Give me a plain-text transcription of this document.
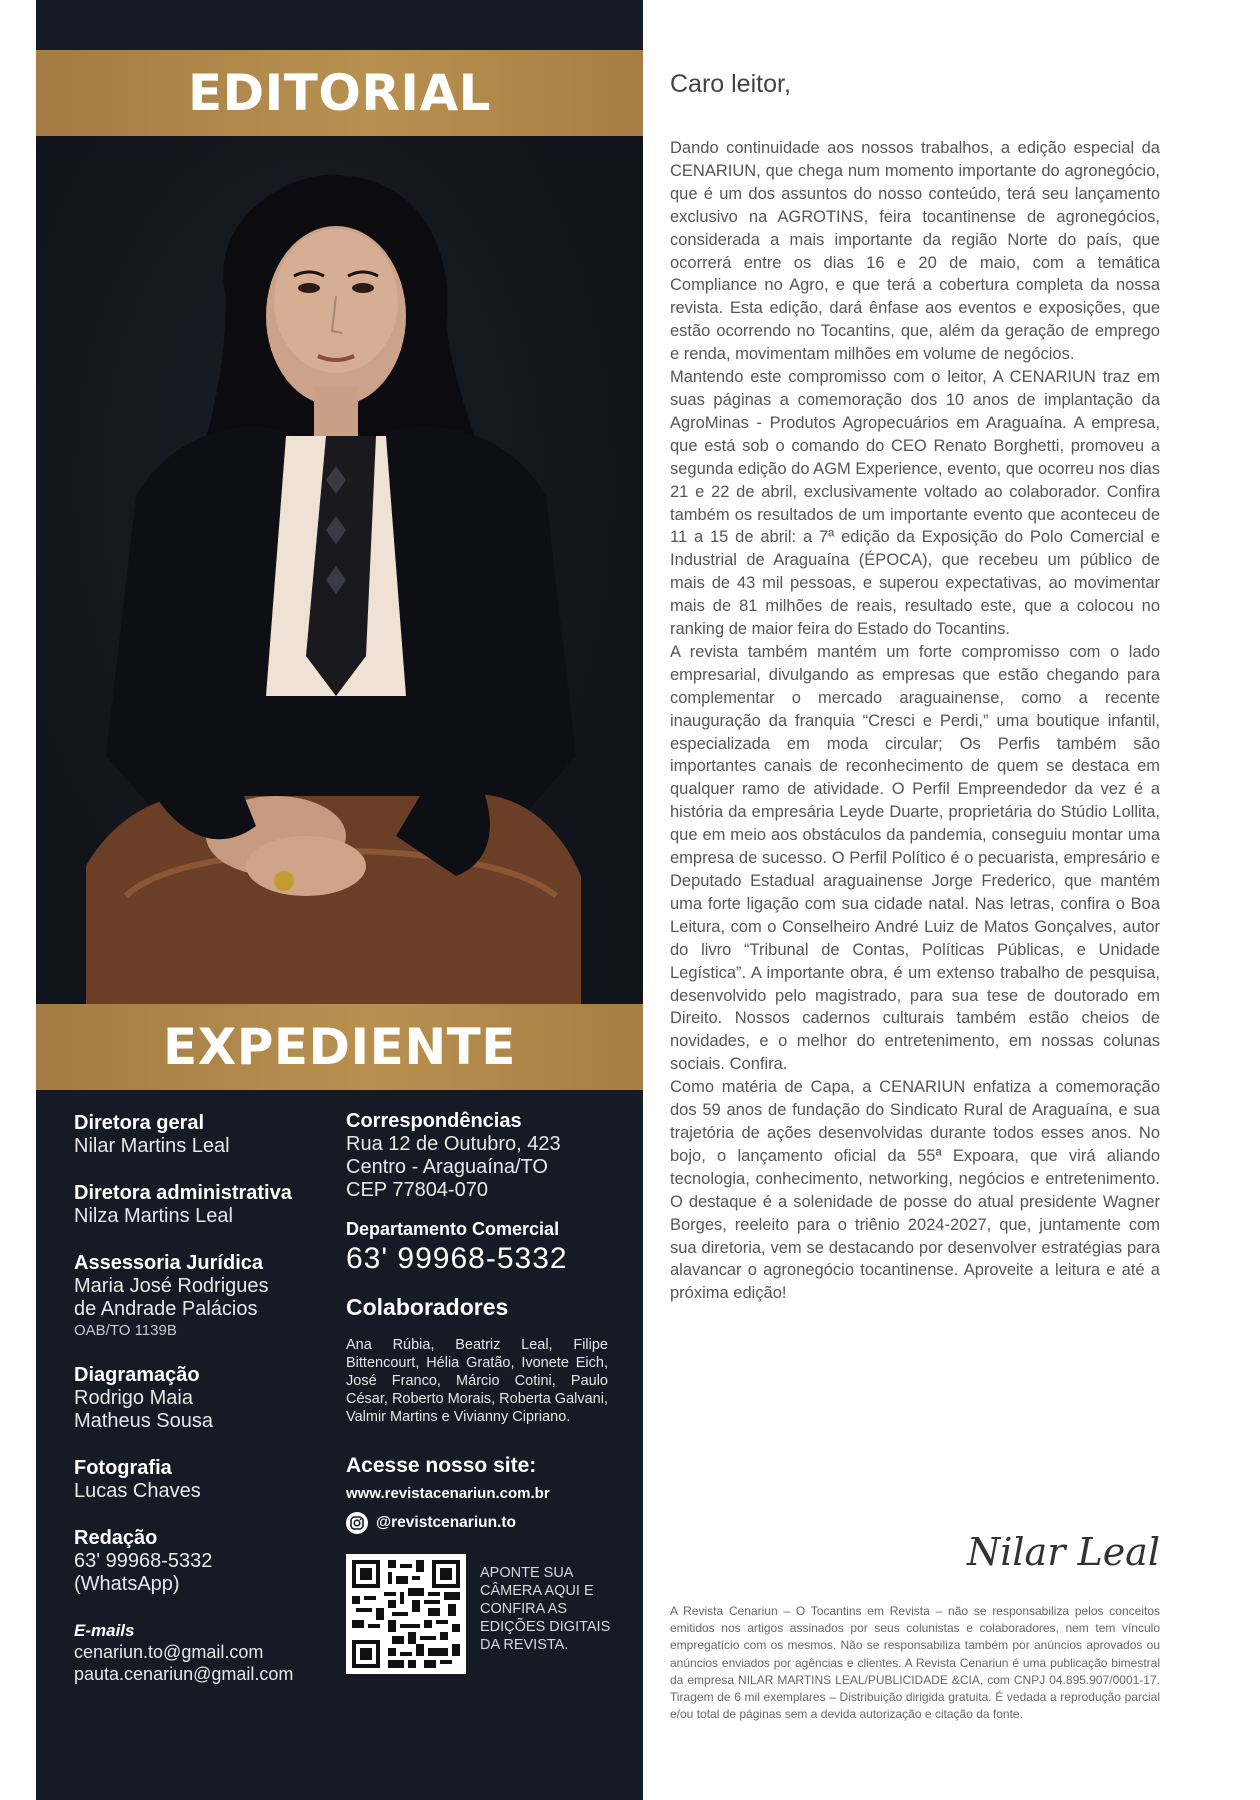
EDITORIAL
EXPEDIENTE
Diretora geral
Nilar Martins Leal
Diretora administrativa
Nilza Martins Leal
Assessoria Jurídica
Maria José Rodrigues
de Andrade Palácios
OAB/TO 1139B
Diagramação
Rodrigo Maia
Matheus Sousa
Fotografia
Lucas Chaves
Redação
63' 99968-5332
(WhatsApp)
E-mails
cenariun.to@gmail.com
pauta.cenariun@gmail.com
Correspondências
Rua 12 de Outubro, 423
Centro - Araguaína/TO
CEP 77804-070
Departamento Comercial
63' 99968-5332
Colaboradores
Ana Rúbia, Beatriz Leal, Filipe Bittencourt, Hélia Gratão, Ivonete Eich, José Franco, Márcio Cotini, Paulo César, Roberto Morais, Roberta Galvani, Valmir Martins e Vivianny Cipriano.
Acesse nosso site:
www.revistacenariun.com.br
@revistcenariun.to
APONTE SUA CÂMERA AQUI E CONFIRA AS EDIÇÕES DIGITAIS DA REVISTA.
Caro leitor,

Dando continuidade aos nossos trabalhos, a edição especial da CENARIUN, que chega num momento importante do agronegócio, que é um dos assuntos do nosso conteúdo, terá seu lançamento exclusivo na AGROTINS, feira tocantinense de agronegócios, considerada a mais importante da região Norte do país, que ocorrerá entre os dias 16 e 20 de maio, com a temática Compliance no Agro, e que terá a cobertura completa da nossa revista. Esta edição, dará ênfase aos eventos e exposições, que estão ocorrendo no Tocantins, que, além da geração de emprego e renda, movimentam milhões em volume de negócios.

Mantendo este compromisso com o leitor, A CENARIUN traz em suas páginas a comemoração dos 10 anos de implantação da AgroMinas - Produtos Agropecuários em Araguaína. A empresa, que está sob o comando do CEO Renato Borghetti, promoveu a segunda edição do AGM Experience, evento, que ocorreu nos dias 21 e 22 de abril, exclusivamente voltado ao colaborador. Confira também os resultados de um importante evento que aconteceu de 11 a 15 de abril: a 7ª edição da Exposição do Polo Comercial e Industrial de Araguaína (ÉPOCA), que recebeu um público de mais de 43 mil pessoas, e superou expectativas, ao movimentar mais de 81 milhões de reais, resultado este, que a colocou no ranking de maior feira do Estado do Tocantins.

A revista também mantém um forte compromisso com o lado empresarial, divulgando as empresas que estão chegando para complementar o mercado araguainense, como a recente inauguração da franquia “Cresci e Perdi,” uma boutique infantil, especializada em moda circular; Os Perfis também são importantes canais de reconhecimento de quem se destaca em qualquer ramo de atividade. O Perfil Empreendedor da vez é a história da empresária Leyde Duarte, proprietária do Stúdio Lollita, que em meio aos obstáculos da pandemia, conseguiu montar uma empresa de sucesso. O Perfil Político é o pecuarista, empresário e Deputado Estadual araguainense Jorge Frederico, que mantém uma forte ligação com sua cidade natal. Nas letras, confira o Boa Leitura, com o Conselheiro André Luiz de Matos Gonçalves, autor do livro “Tribunal de Contas, Políticas Públicas, e Unidade Legística”. A importante obra, é um extenso trabalho de pesquisa, desenvolvido pelo magistrado, para sua tese de doutorado em Direito. Nossos cadernos culturais também estão cheios de novidades, e o melhor do entretenimento, em nossas colunas sociais. Confira.

Como matéria de Capa, a CENARIUN enfatiza a comemoração dos 59 anos de fundação do Sindicato Rural de Araguaína, e sua trajetória de ações desenvolvidas durante todos esses anos. No bojo, o lançamento oficial da 55ª Expoara, que virá aliando tecnologia, conhecimento, networking, negócios e entretenimento. O destaque é a solenidade de posse do atual presidente Wagner Borges, reeleito para o triênio 2024-2027, que, juntamente com sua diretoria, vem se destacando por desenvolver estratégias para alavancar o agronegócio tocantinense. Aproveite a leitura e até a próxima edição!

Nilar Leal
A Revista Cenariun – O Tocantins em Revista – não se responsabiliza pelos conceitos emitidos nos artigos assinados por seus colunistas e colaboradores, nem tem vínculo empregatício com os mesmos. Não se responsabiliza também por anúncios aprovados ou anúncios enviados por agências e clientes. A Revista Cenariun é uma publicação bimestral da empresa NILAR MARTINS LEAL/PUBLICIDADE &CIA, com CNPJ 04.895.907/0001-17. Tiragem de 6 mil exemplares – Distribuição dirigida gratuita. É vedada a reprodução parcial e/ou total de páginas sem a devida autorização e citação da fonte.
